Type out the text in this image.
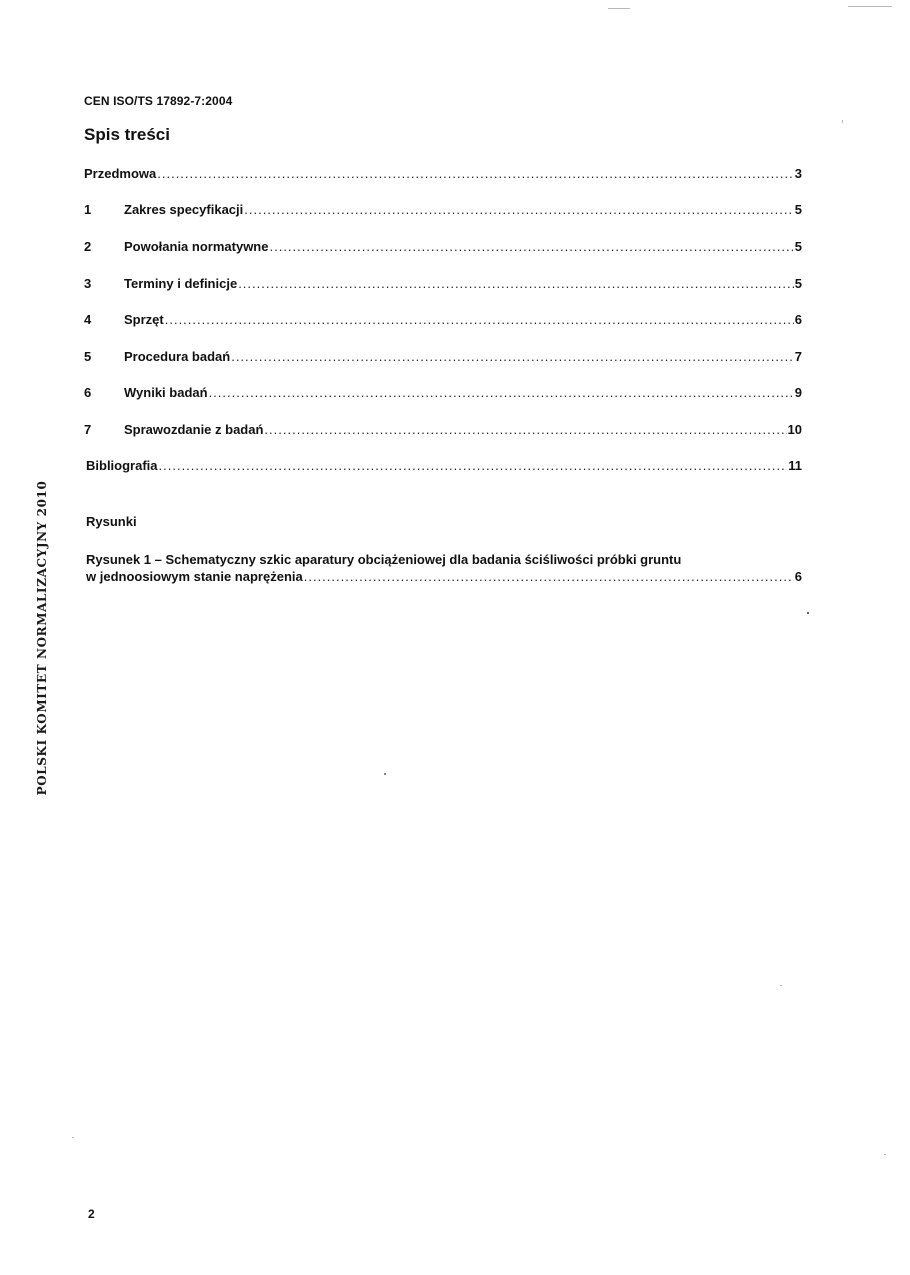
CEN ISO/TS 17892-7:2004
Spis treści
Przedmowa .....	3
1	Zakres specyfikacji .....	5
2	Powołania normatywne .....	5
3	Terminy i definicje .....	5
4	Sprzęt .....	6
5	Procedura badań .....	7
6	Wyniki badań .....	9
7	Sprawozdanie z badań .....	10
Bibliografia .....	11
Rysunki
Rysunek 1 – Schematyczny szkic aparatury obciążeniowej dla badania ściśliwości próbki gruntu
w jednoosiowym stanie naprężenia .....	6
POLSKI KOMITET NORMALIZACYJNY 2010
2
